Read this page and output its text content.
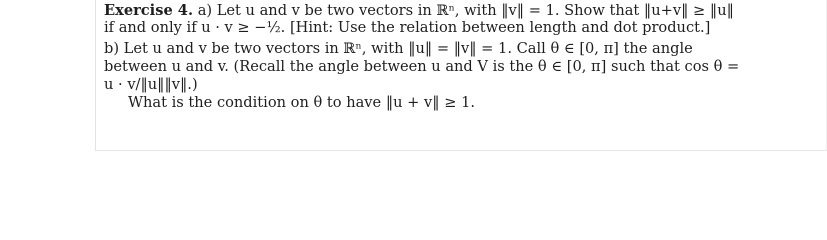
Exercise 4. a) Let u and v be two vectors in ℝⁿ, with ‖v‖ = 1. Show that ‖u+v‖ ≥ ‖u‖
if and only if u · v ≥ −½. [Hint: Use the relation between length and dot product.]
b) Let u and v be two vectors in ℝⁿ, with ‖u‖ = ‖v‖ = 1. Call θ ∈ [0, π] the angle
between u and v. (Recall the angle between u and V is the θ ∈ [0, π] such that cos θ =
u · v/‖u‖‖v‖.)
What is the condition on θ to have ‖u + v‖ ≥ 1.
